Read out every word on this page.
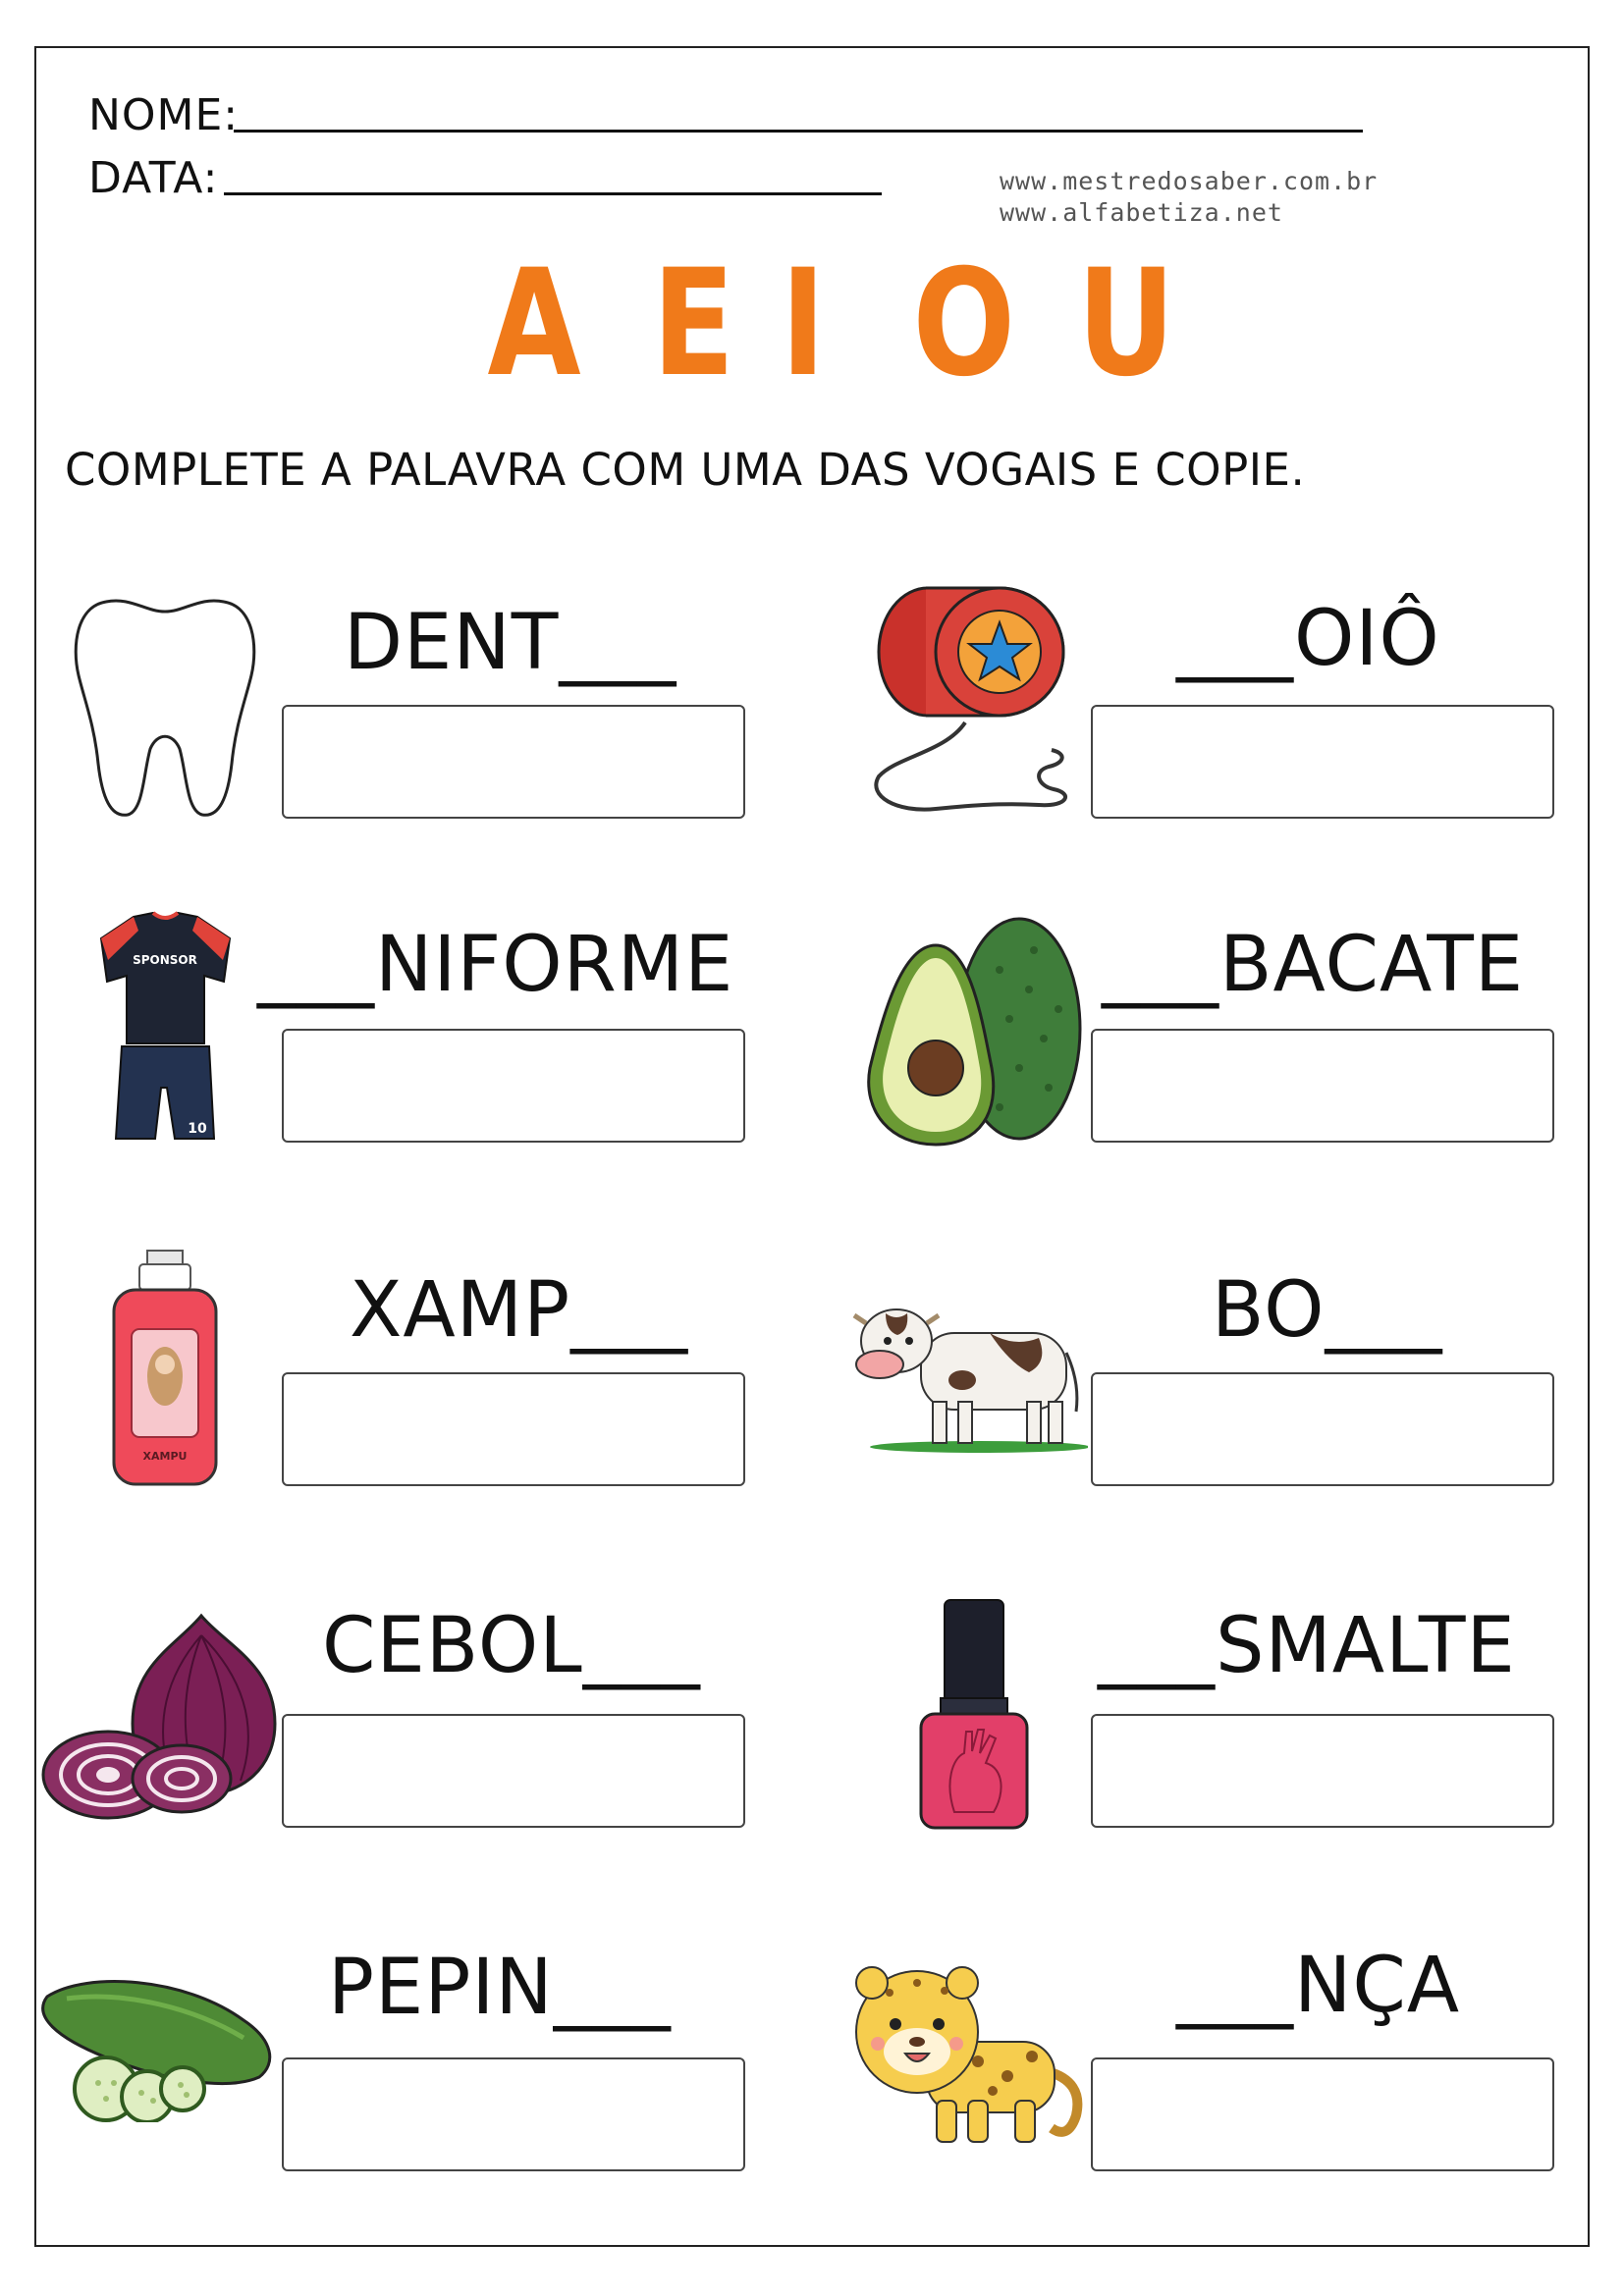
NOME:
DATA:	www.mestredosaber.com.br
www.alfabetiza.net
A E I O U
COMPLETE A PALAVRA COM UMA DAS VOGAIS E COPIE.
DENT___	___OIÔ
SPONSOR
10
___NIFORME	___BACATE
XAMPU
XAMP___	BO___
CEBOL___	___SMALTE
PEPIN___	___NÇA
